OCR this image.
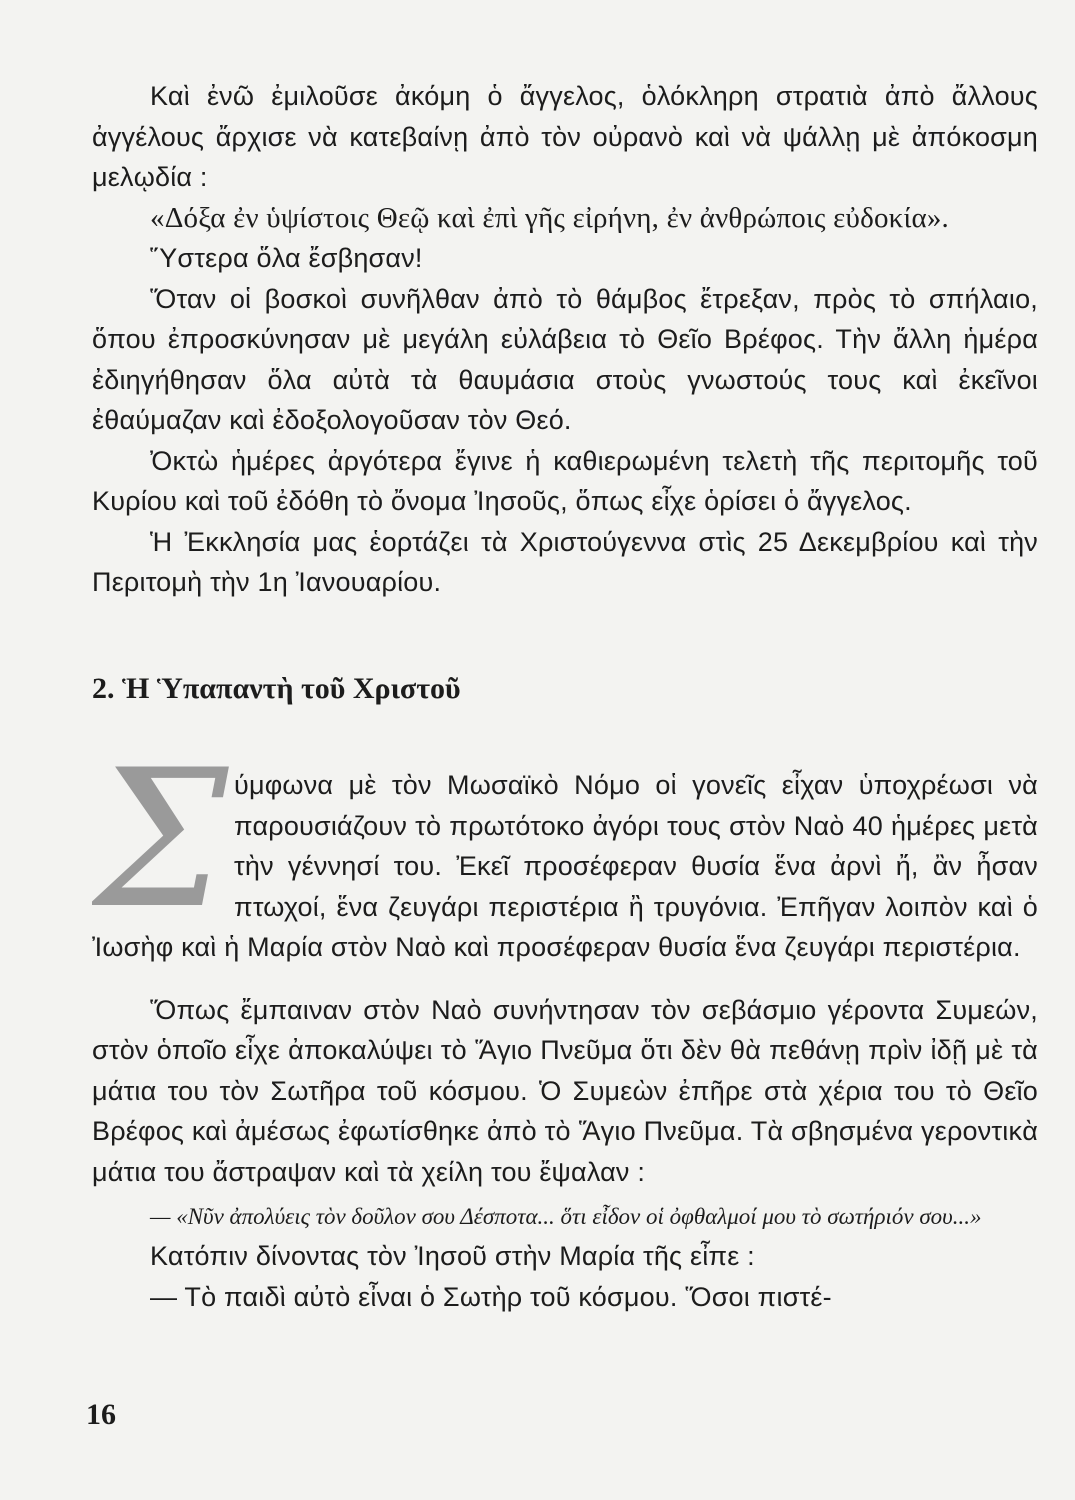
Καὶ ἐνῶ ἐμιλοῦσε ἀκόμη ὁ ἄγγελος, ὁλόκληρη στρατιὰ ἀπὸ ἄλλους ἀγγέλους ἄρχισε νὰ κατεβαίνῃ ἀπὸ τὸν οὐρανὸ καὶ νὰ ψάλλῃ μὲ ἀπόκοσμη μελῳδία :

«Δόξα ἐν ὑψίστοις Θεῷ καὶ ἐπὶ γῆς εἰρήνη, ἐν ἀνθρώποις εὐδοκία».

Ὕστερα ὅλα ἔσβησαν!

Ὅταν οἱ βοσκοὶ συνῆλθαν ἀπὸ τὸ θάμβος ἔτρεξαν, πρὸς τὸ σπήλαιο, ὅπου ἐπροσκύνησαν μὲ μεγάλη εὐλάβεια τὸ Θεῖο Βρέφος. Τὴν ἄλλη ἡμέρα ἐδιηγήθησαν ὅλα αὐτὰ τὰ θαυμάσια στοὺς γνωστούς τους καὶ ἐκεῖνοι ἐθαύμαζαν καὶ ἐδοξολογοῦσαν τὸν Θεό.

Ὀκτὼ ἡμέρες ἀργότερα ἔγινε ἡ καθιερωμένη τελετὴ τῆς περιτομῆς τοῦ Κυρίου καὶ τοῦ ἐδόθη τὸ ὄνομα Ἰησοῦς, ὅπως εἶχε ὁρίσει ὁ ἄγγελος.

Ἡ Ἐκκλησία μας ἑορτάζει τὰ Χριστούγεννα στὶς 25 Δεκεμβρίου καὶ τὴν Περιτομὴ τὴν 1η Ἰανουαρίου.

2. Ἡ Ὑπαπαντὴ τοῦ Χριστοῦ
Σ ύμφωνα μὲ τὸν Μωσαϊκὸ Νόμο οἱ γονεῖς εἶχαν ὑποχρέωσι νὰ παρουσιάζουν τὸ πρωτότοκο ἀγόρι τους στὸν Ναὸ 40 ἡμέρες μετὰ τὴν γέννησί του. Ἐκεῖ προσέφεραν θυσία ἕνα ἀρνὶ ἤ, ἂν ἦσαν πτωχοί, ἕνα ζευγάρι περιστέρια ἢ τρυγόνια. Ἐπῆγαν λοιπὸν καὶ ὁ Ἰωσὴφ καὶ ἡ Μαρία στὸν Ναὸ καὶ προσέφεραν θυσία ἕνα ζευγάρι περιστέρια.

Ὅπως ἔμπαιναν στὸν Ναὸ συνήντησαν τὸν σεβάσμιο γέροντα Συμεών, στὸν ὁποῖο εἶχε ἀποκαλύψει τὸ Ἅγιο Πνεῦμα ὅτι δὲν θὰ πεθάνῃ πρὶν ἰδῇ μὲ τὰ μάτια του τὸν Σωτῆρα τοῦ κόσμου. Ὁ Συμεὼν ἐπῆρε στὰ χέρια του τὸ Θεῖο Βρέφος καὶ ἀμέσως ἐφωτίσθηκε ἀπὸ τὸ Ἅγιο Πνεῦμα. Τὰ σβησμένα γεροντικὰ μάτια του ἄστραψαν καὶ τὰ χείλη του ἔψαλαν :

— «Νῦν ἀπολύεις τὸν δοῦλον σου Δέσποτα... ὅτι εἶδον οἱ ὀφθαλμοί μου τὸ σωτήριόν σου...»

Κατόπιν δίνοντας τὸν Ἰησοῦ στὴν Μαρία τῆς εἶπε :

— Τὸ παιδὶ αὐτὸ εἶναι ὁ Σωτὴρ τοῦ κόσμου. Ὅσοι πιστέ-

16
